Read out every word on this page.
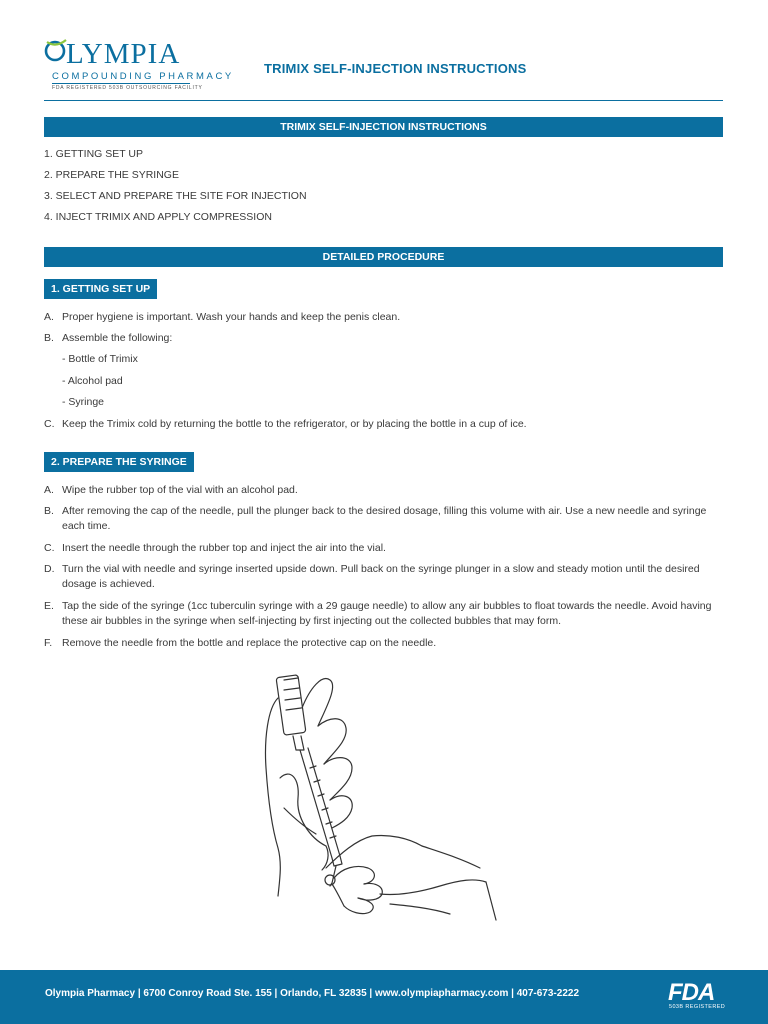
LYMPIA
COMPOUNDING PHARMACY
FDA REGISTERED 503B OUTSOURCING FACILITY
TRIMIX SELF-INJECTION INSTRUCTIONS
TRIMIX SELF-INJECTION INSTRUCTIONS
1. GETTING SET UP
2. PREPARE THE SYRINGE
3. SELECT AND PREPARE THE SITE FOR INJECTION
4. INJECT TRIMIX AND APPLY COMPRESSION
DETAILED PROCEDURE
1. GETTING SET UP
A. Proper hygiene is important. Wash your hands and keep the penis clean.
B. Assemble the following:
- Bottle of Trimix
- Alcohol pad
- Syringe
C. Keep the Trimix cold by returning the bottle to the refrigerator, or by placing the bottle in a cup of ice.
2. PREPARE THE SYRINGE
A. Wipe the rubber top of the vial with an alcohol pad.
B. After removing the cap of the needle, pull the plunger back to the desired dosage, filling this volume with air. Use a new needle and syringe each time.
C. Insert the needle through the rubber top and inject the air into the vial.
D. Turn the vial with needle and syringe inserted upside down. Pull back on the syringe plunger in a slow and steady motion until the desired dosage is achieved.
E. Tap the side of the syringe (1cc tuberculin syringe with a 29 gauge needle) to allow any air bubbles to float towards the needle. Avoid having these air bubbles in the syringe when self-injecting by first injecting out the collected bubbles that may form.
F. Remove the needle from the bottle and replace the protective cap on the needle.
Olympia Pharmacy | 6700 Conroy Road Ste. 155 | Orlando, FL 32835 | www.olympiapharmacy.com | 407-673-2222	FDA
503B REGISTERED
